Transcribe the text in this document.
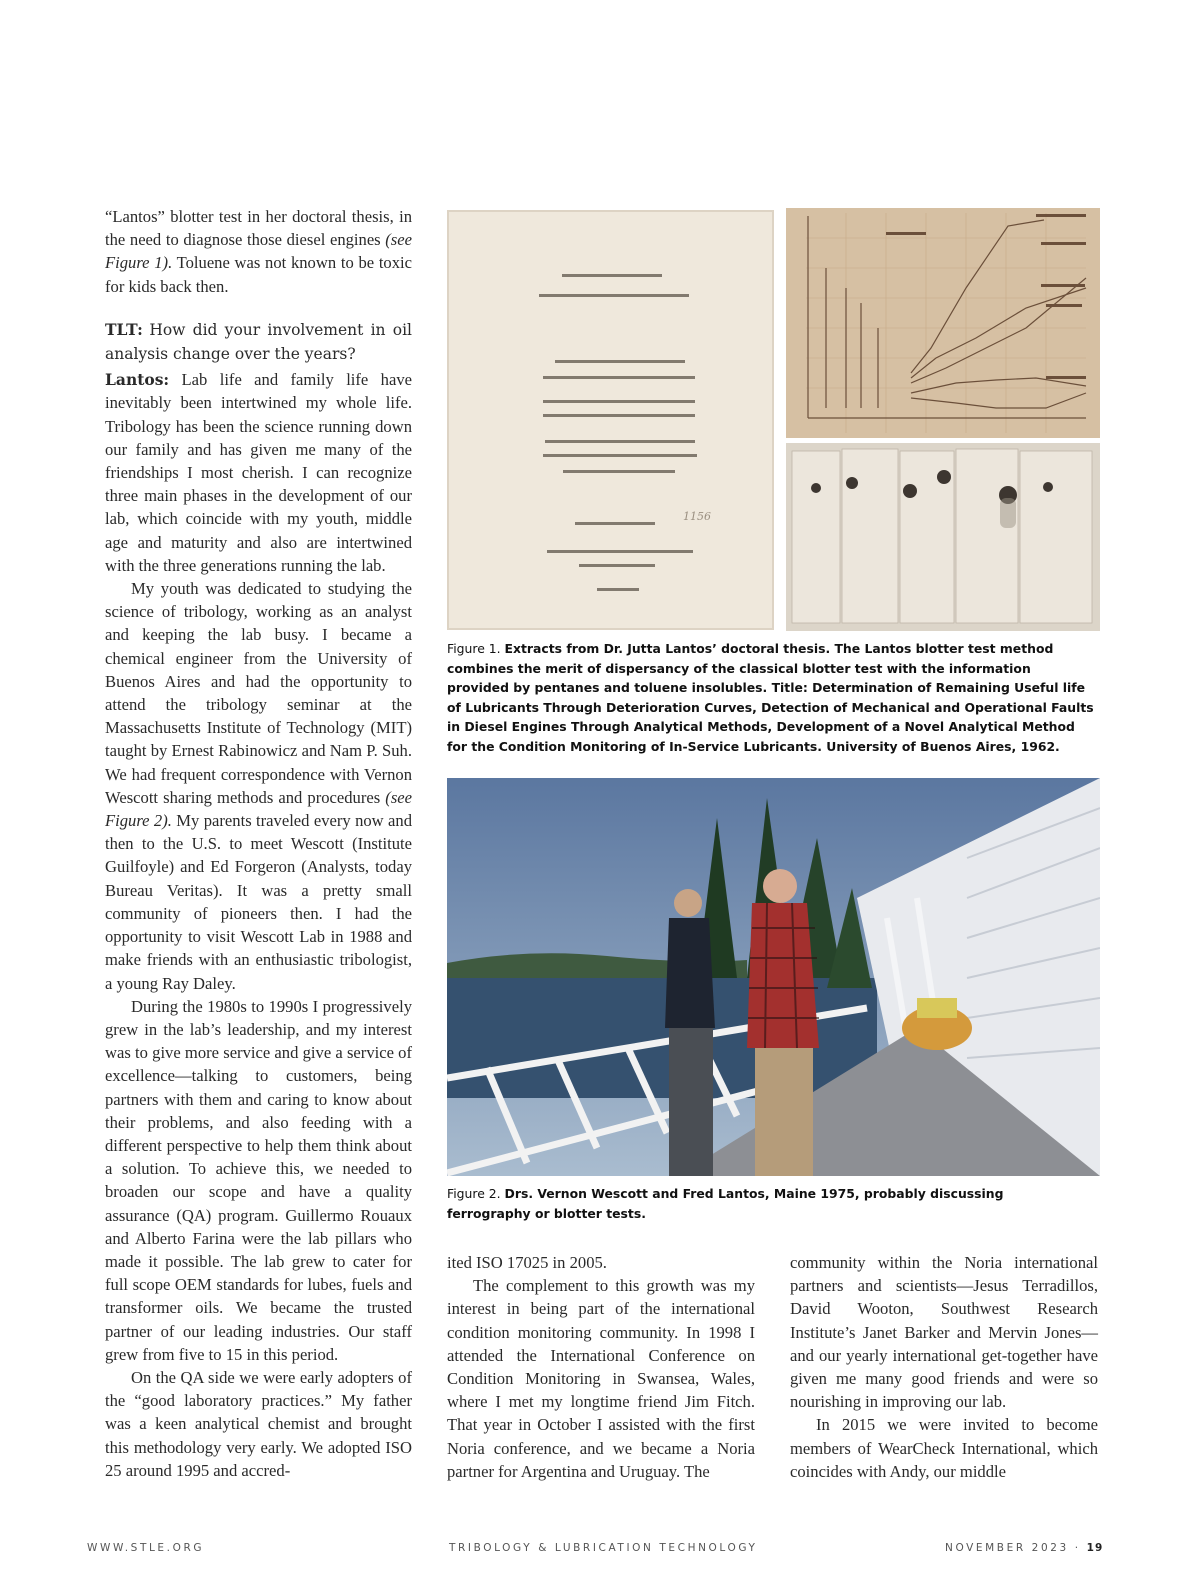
“Lantos” blotter test in her doctoral thesis, in the need to diagnose those diesel engines (see Figure 1). Toluene was not known to be toxic for kids back then.

TLT: How did your involvement in oil analysis change over the years?

Lantos: Lab life and family life have inevitably been intertwined my whole life. Tribology has been the science running down our family and has given me many of the friendships I most cherish. I can recognize three main phases in the development of our lab, which coincide with my youth, middle age and maturity and also are intertwined with the three generations running the lab.

My youth was dedicated to studying the science of tribology, working as an analyst and keeping the lab busy. I became a chemical engineer from the University of Buenos Aires and had the opportunity to attend the tribology seminar at the Massachusetts Institute of Technology (MIT) taught by Ernest Rabinowicz and Nam P. Suh. We had frequent correspondence with Vernon Wescott sharing methods and procedures (see Figure 2). My parents traveled every now and then to the U.S. to meet Wescott (Institute Guilfoyle) and Ed Forgeron (Analysts, today Bureau Veritas). It was a pretty small community of pioneers then. I had the opportunity to visit Wescott Lab in 1988 and make friends with an enthusiastic tribologist, a young Ray Daley.

During the 1980s to 1990s I progressively grew in the lab’s leadership, and my interest was to give more service and give a service of excellence—talking to customers, being partners with them and caring to know about their problems, and also feeding with a different perspective to help them think about a solution. To achieve this, we needed to broaden our scope and have a quality assurance (QA) program. Guillermo Rouaux and Alberto Farina were the lab pillars who made it possible. The lab grew to cater for full scope OEM standards for lubes, fuels and transformer oils. We became the trusted partner of our leading industries. Our staff grew from five to 15 in this period.

On the QA side we were early adopters of the “good laboratory practices.” My father was a keen analytical chemist and brought this methodology very early. We adopted ISO 25 around 1995 and accred-

1156
Figure 1. Extracts from Dr. Jutta Lantos’ doctoral thesis. The Lantos blotter test method combines the merit of dispersancy of the classical blotter test with the information provided by pentanes and toluene insolubles. Title: Determination of Remaining Useful life of Lubricants Through Deterioration Curves, Detection of Mechanical and Operational Faults in Diesel Engines Through Analytical Methods, Development of a Novel Analytical Method for the Condition Monitoring of In-Service Lubricants. University of Buenos Aires, 1962.
Figure 2. Drs. Vernon Wescott and Fred Lantos, Maine 1975, probably discussing ferrography or blotter tests.

ited ISO 17025 in 2005.

The complement to this growth was my interest in being part of the international condition monitoring community. In 1998 I attended the International Conference on Condition Monitoring in Swansea, Wales, where I met my longtime friend Jim Fitch. That year in October I assisted with the first Noria conference, and we became a Noria partner for Argentina and Uruguay. The

community within the Noria international partners and scientists—Jesus Terradillos, David Wooton, Southwest Research Institute’s Janet Barker and Mervin Jones—and our yearly international get-together have given me many good friends and were so nourishing in improving our lab.

In 2015 we were invited to become members of WearCheck International, which coincides with Andy, our middle

WWW.STLE.ORG	TRIBOLOGY & LUBRICATION TECHNOLOGY	NOVEMBER 2023 · 19
